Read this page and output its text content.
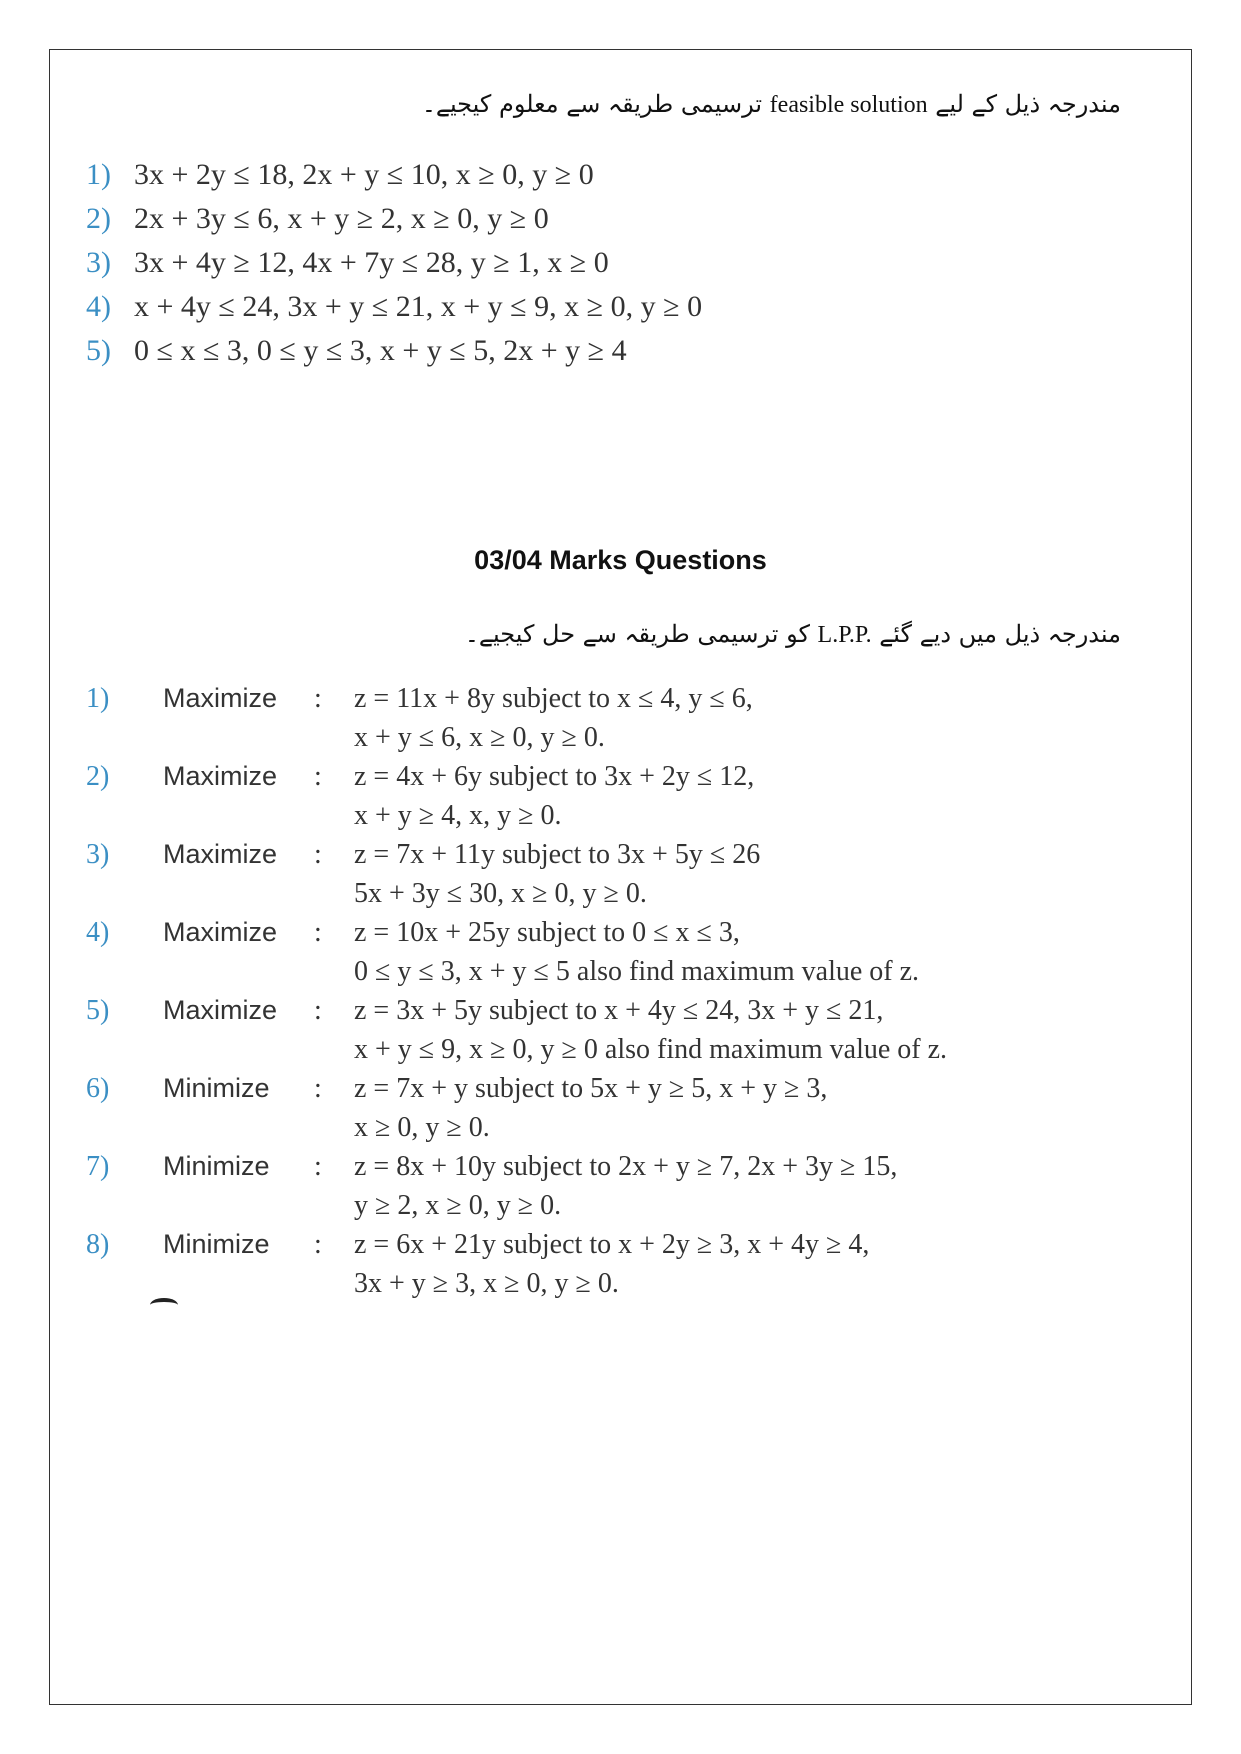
مندرجہ ذیل کے لیے feasible solution ترسیمی طریقہ سے معلوم کیجیے۔
1) 3x + 2y ≤ 18, 2x + y ≤ 10, x ≥ 0, y ≥ 0
2) 2x + 3y ≤ 6, x + y ≥ 2, x ≥ 0, y ≥ 0
3) 3x + 4y ≥ 12, 4x + 7y ≤ 28, y ≥ 1, x ≥ 0
4) x + 4y ≤ 24, 3x + y ≤ 21, x + y ≤ 9, x ≥ 0, y ≥ 0
5) 0 ≤ x ≤ 3, 0 ≤ y ≤ 3, x + y ≤ 5, 2x + y ≥ 4
03/04 Marks Questions
مندرجہ ذیل میں دیے گئے L.P.P. کو ترسیمی طریقہ سے حل کیجیے۔
1) Maximize : z = 11x + 8y subject to x ≤ 4, y ≤ 6,
x + y ≤ 6, x ≥ 0, y ≥ 0.
2) Maximize : z = 4x + 6y subject to 3x + 2y ≤ 12,
x + y ≥ 4, x, y ≥ 0.
3) Maximize : z = 7x + 11y subject to 3x + 5y ≤ 26
5x + 3y ≤ 30, x ≥ 0, y ≥ 0.
4) Maximize : z = 10x + 25y subject to 0 ≤ x ≤ 3,
0 ≤ y ≤ 3, x + y ≤ 5 also find maximum value of z.
5) Maximize : z = 3x + 5y subject to x + 4y ≤ 24, 3x + y ≤ 21,
x + y ≤ 9, x ≥ 0, y ≥ 0 also find maximum value of z.
6) Minimize : z = 7x + y subject to 5x + y ≥ 5, x + y ≥ 3,
x ≥ 0, y ≥ 0.
7) Minimize : z = 8x + 10y subject to 2x + y ≥ 7, 2x + 3y ≥ 15,
y ≥ 2, x ≥ 0, y ≥ 0.
8) Minimize : z = 6x + 21y subject to x + 2y ≥ 3, x + 4y ≥ 4,
3x + y ≥ 3, x ≥ 0, y ≥ 0.
